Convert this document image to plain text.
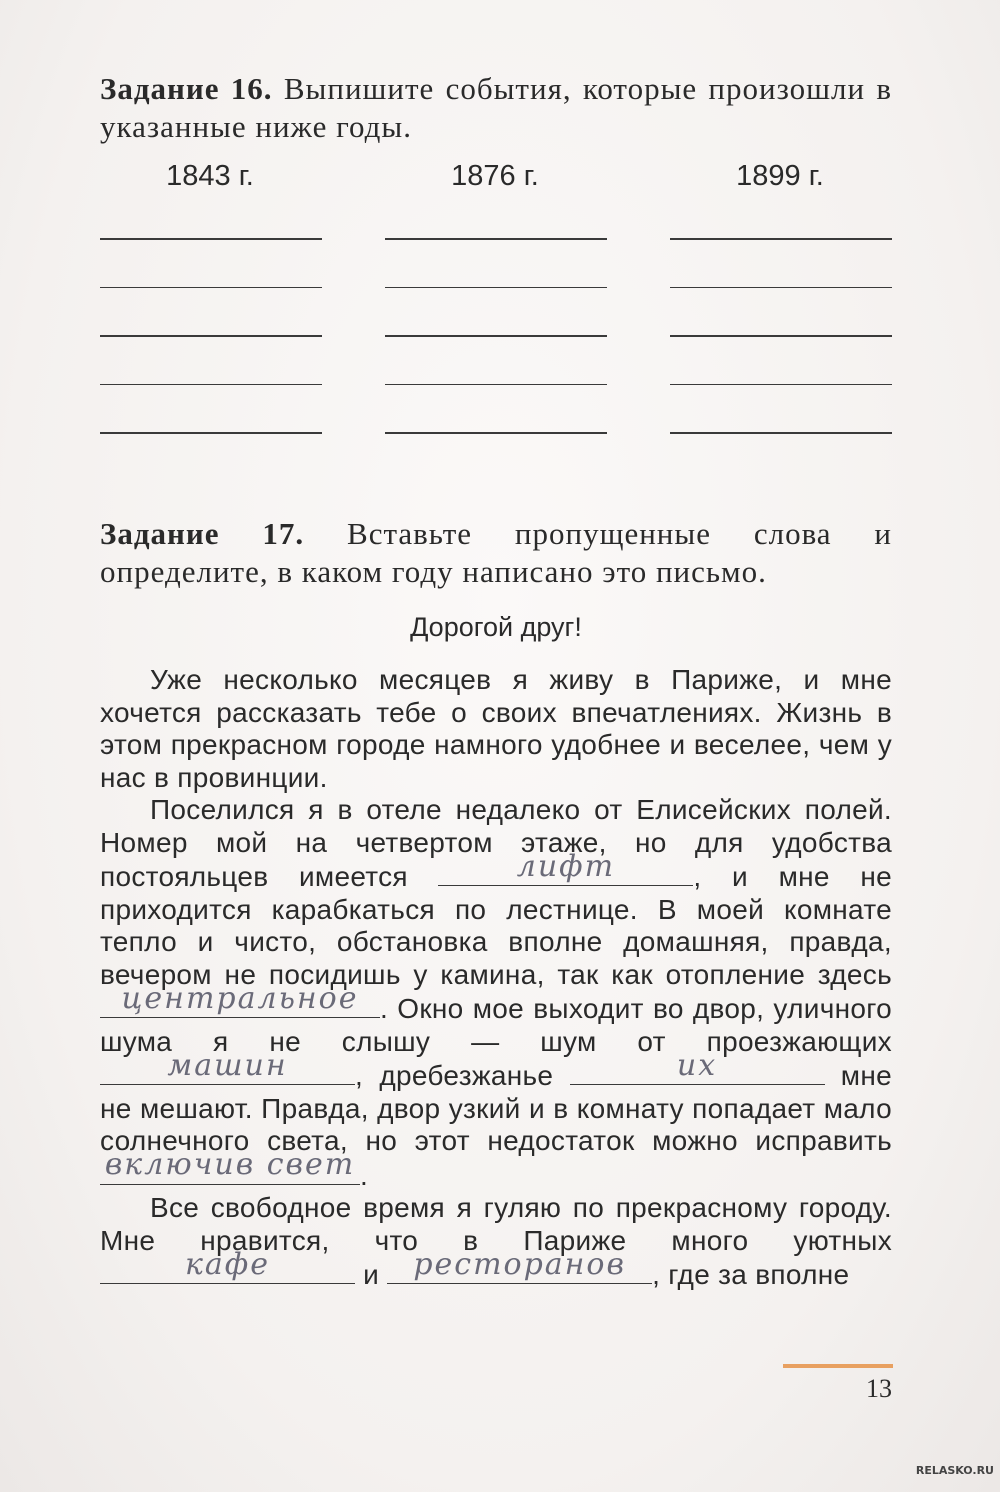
Задание 16. Выпишите события, которые произошли в указанные ниже годы.
1843 г.	1876 г.	1899 г.
Задание 17. Вставьте пропущенные слова и определите, в каком году написано это письмо.
Дорогой друг!

Уже несколько месяцев я живу в Париже, и мне хочется рассказать тебе о своих впечатлениях. Жизнь в этом прекрасном городе намного удобнее и веселее, чем у нас в провинции.

Поселился я в отеле недалеко от Елисейских полей. Номер мой на четвертом этаже, но для удобства постояльцев имеется	лифт	, и мне не приходится карабкаться по лестнице. В моей комнате тепло и чисто, обстановка вполне домашняя, правда, вечером не посидишь у камина, так как отопление здесь
центральное . Окно мое выходит во двор, уличного шума я не слышу — шум от проезжающих
машин	, дребезжанье	их	мне не мешают. Правда, двор узкий и в комнату попадает мало солнечного света, но этот недостаток можно исправить
включив свет .

Все свободное время я гуляю по прекрасному городу. Мне нравится, что в Париже много уютных
кафе	и	ресторанов , где за вполне

13
RELASKO.RU
